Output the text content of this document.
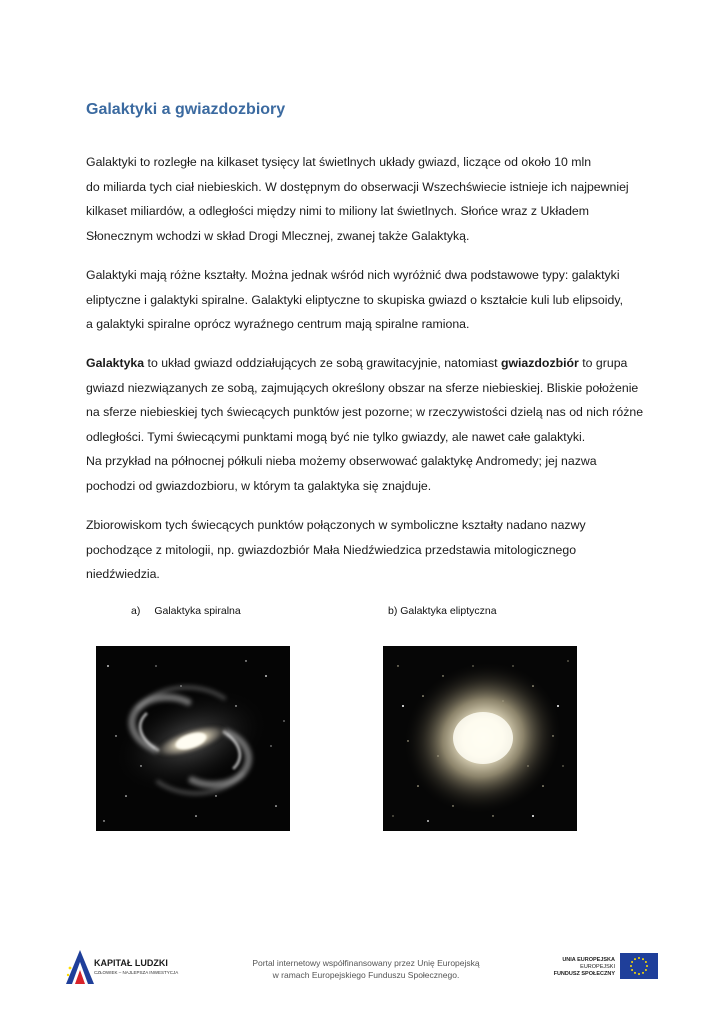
Galaktyki a gwiazdozbiory
Galaktyki to rozległe na kilkaset tysięcy lat świetlnych układy gwiazd, liczące od około 10 mln
do miliarda tych ciał niebieskich. W dostępnym do obserwacji Wszechświecie istnieje ich najpewniej
kilkaset miliardów, a odległości między nimi to miliony lat świetlnych. Słońce wraz z Układem
Słonecznym wchodzi w skład Drogi Mlecznej, zwanej także Galaktyką.
Galaktyki mają różne kształty. Można jednak wśród nich wyróżnić dwa podstawowe typy: galaktyki
eliptyczne i galaktyki spiralne. Galaktyki eliptyczne to skupiska gwiazd o kształcie kuli lub elipsoidy,
a galaktyki spiralne oprócz wyraźnego centrum mają spiralne ramiona.
Galaktyka to układ gwiazd oddziałujących ze sobą grawitacyjnie, natomiast gwiazdozbiór to grupa
gwiazd niezwiązanych ze sobą, zajmujących określony obszar na sferze niebieskiej. Bliskie położenie
na sferze niebieskiej tych świecących punktów jest pozorne; w rzeczywistości dzielą nas od nich różne
odległości. Tymi świecącymi punktami mogą być nie tylko gwiazdy, ale nawet całe galaktyki.
Na przykład na północnej półkuli nieba możemy obserwować galaktykę Andromedy; jej nazwa
pochodzi od gwiazdozbioru, w którym ta galaktyka się znajduje.
Zbiorowiskom tych świecących punktów połączonych w symboliczne kształty nadano nazwy
pochodzące z mitologii, np. gwiazdozbiór Mała Niedźwiedzica przedstawia mitologicznego
niedźwiedzia.
a) Galaktyka spiralna	b) Galaktyka eliptyczna
KAPITAŁ LUDZKI
CZŁOWIEK – NAJLEPSZA INWESTYCJA
Portal internetowy współfinansowany przez Unię Europejską
w ramach Europejskiego Funduszu Społecznego.
UNIA EUROPEJSKA
EUROPEJSKI
FUNDUSZ SPOŁECZNY
